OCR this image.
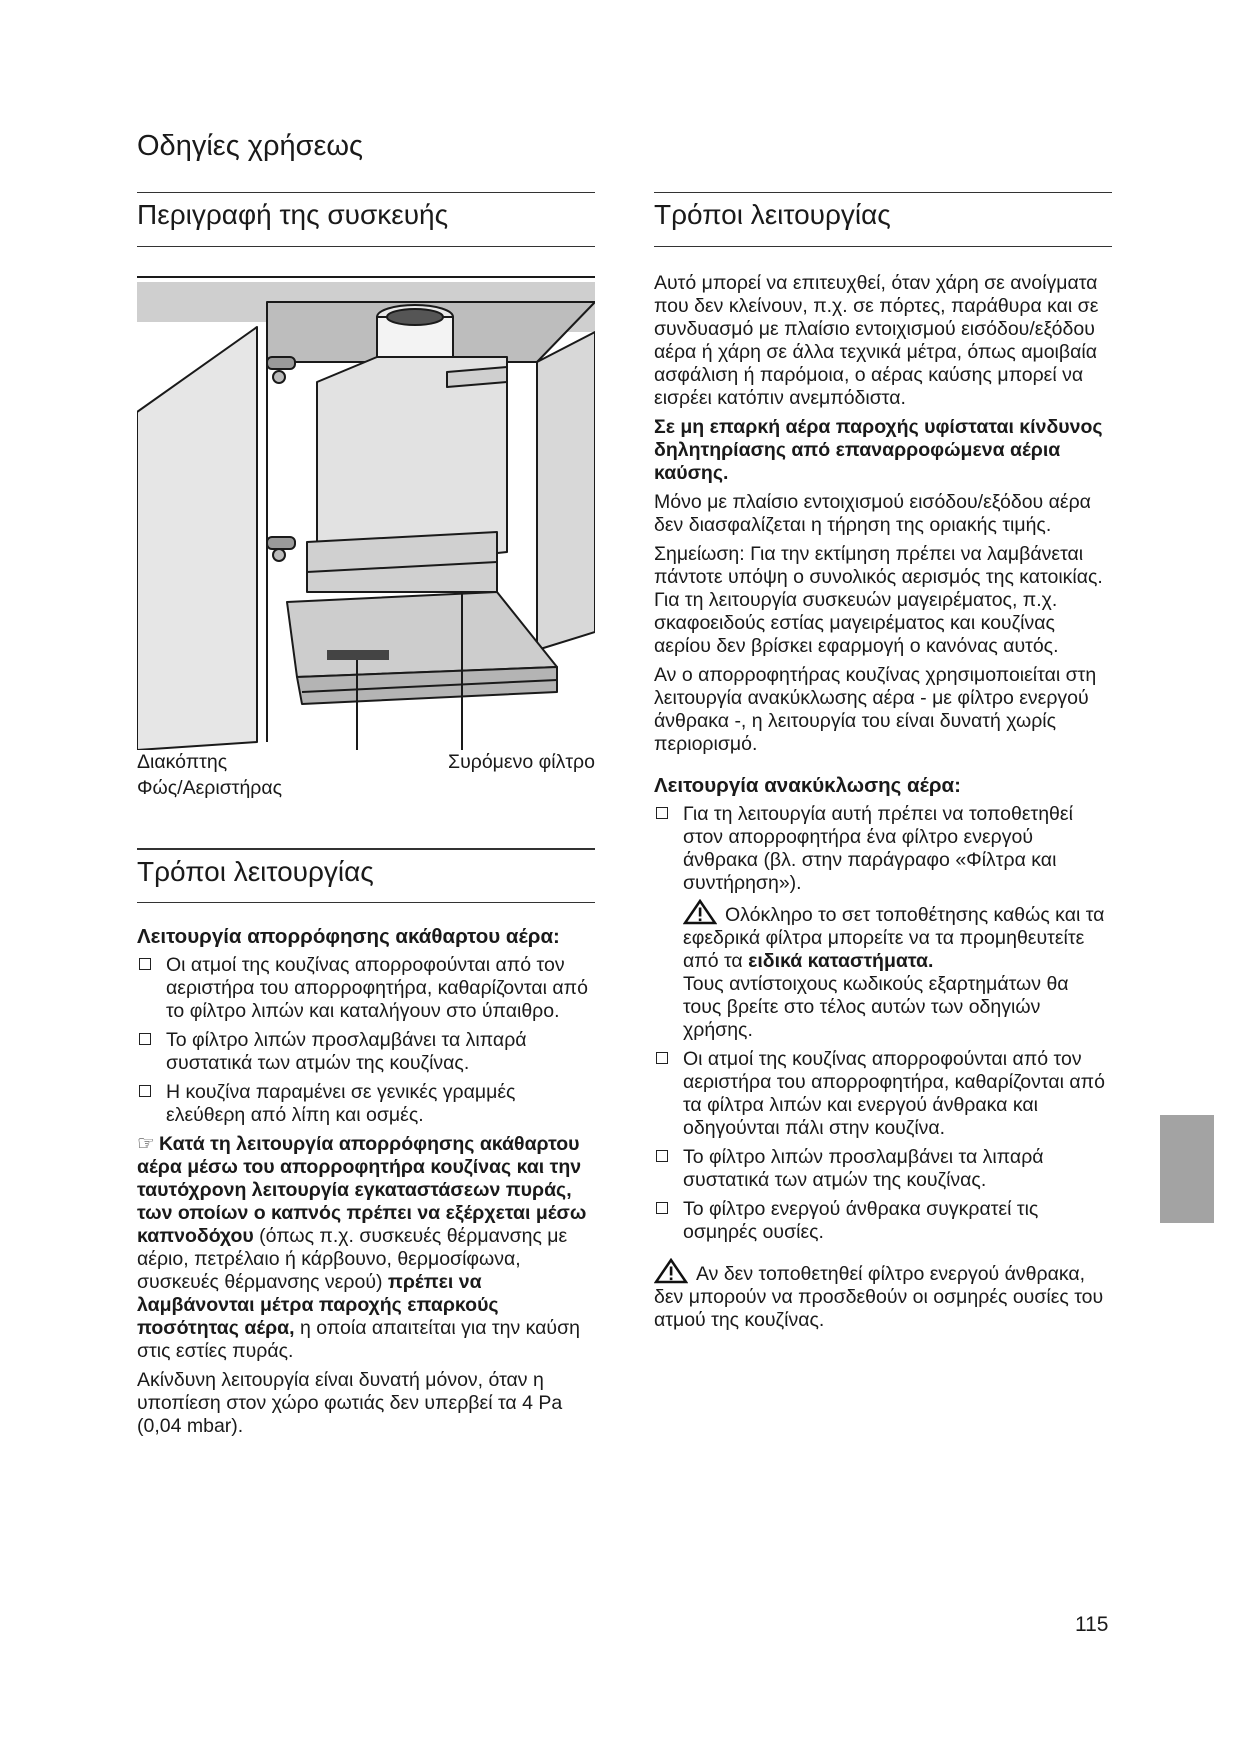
Οδηγίες χρήσεως
Περιγραφή της συσκευής
Διακόπτης
Φώς/Αεριστήρας
Συρόμενο φίλτρο
Τρόποι λειτουργίας

Λειτουργία απορρόφησης ακάθαρτου αέρα:

Οι ατμοί της κουζίνας απορροφούνται από τον αεριστήρα του απορροφητήρα, καθαρίζονται από το φίλτρο λιπών και καταλήγουν στο ύπαιθρο.
Το φίλτρο λιπών προσλαμβάνει τα λιπαρά συστατικά των ατμών της κουζίνας.
Η κουζίνα παραμένει σε γενικές γραμμές ελεύθερη από λίπη και οσμές.

☞ Κατά τη λειτουργία απορρόφησης ακάθαρτου αέρα μέσω του απορροφητήρα κουζίνας και την ταυτόχρονη λειτουργία εγκαταστάσεων πυράς, των οποίων ο καπνός πρέπει να εξέρχεται μέσω καπνοδόχου (όπως π.χ. συσκευές θέρμανσης με αέριο, πετρέλαιο ή κάρβουνο, θερμοσίφωνα, συσκευές θέρμανσης νερού) πρέπει να λαμβάνονται μέτρα παροχής επαρκούς ποσότητας αέρα, η οποία απαιτείται για την καύση στις εστίες πυράς.

Ακίνδυνη λειτουργία είναι δυνατή μόνον, όταν η υποπίεση στον χώρο φωτιάς δεν υπερβεί τα 4 Pa (0,04 mbar).

Τρόποι λειτουργίας

Αυτό μπορεί να επιτευχθεί, όταν χάρη σε ανοίγματα που δεν κλείνουν, π.χ. σε πόρτες, παράθυρα και σε συνδυασμό με πλαίσιο εντοιχισμού εισόδου/εξόδου αέρα ή χάρη σε άλλα τεχνικά μέτρα, όπως αμοιβαία ασφάλιση ή παρόμοια, ο αέρας καύσης μπορεί να εισρέει κατόπιν ανεμπόδιστα.

Σε μη επαρκή αέρα παροχής υφίσταται κίνδυνος δηλητηρίασης από επαναρροφώμενα αέρια καύσης.

Μόνο με πλαίσιο εντοιχισμού εισόδου/εξόδου αέρα δεν διασφαλίζεται η τήρηση της οριακής τιμής.

Σημείωση: Για την εκτίμηση πρέπει να λαμβάνεται πάντοτε υπόψη ο συνολικός αερισμός της κατοικίας. Για τη λειτουργία συσκευών μαγειρέματος, π.χ. σκαφοειδούς εστίας μαγειρέματος και κουζίνας αερίου δεν βρίσκει εφαρμογή ο κανόνας αυτός.

Αν ο απορροφητήρας κουζίνας χρησιμοποιείται στη λειτουργία ανακύκλωσης αέρα - με φίλτρο ενεργού άνθρακα -, η λειτουργία του είναι δυνατή χωρίς περιορισμό.

Λειτουργία ανακύκλωσης αέρα:

Για τη λειτουργία αυτή πρέπει να τοποθετηθεί στον απορροφητήρα ένα φίλτρο ενεργού άνθρακα (βλ. στην παράγραφο «Φίλτρα και συντήρηση»).
Ολόκληρο το σετ τοποθέτησης καθώς και τα εφεδρικά φίλτρα μπορείτε να τα προμηθευτείτε από τα ειδικά καταστήματα.
Τους αντίστοιχους κωδικούς εξαρτημάτων θα τους βρείτε στο τέλος αυτών των οδηγιών χρήσης.
Οι ατμοί της κουζίνας απορροφούνται από τον αεριστήρα του απορροφητήρα, καθαρίζονται από τα φίλτρα λιπών και ενεργού άνθρακα και οδηγούνται πάλι στην κουζίνα.
Το φίλτρο λιπών προσλαμβάνει τα λιπαρά συστατικά των ατμών της κουζίνας.
Το φίλτρο ενεργού άνθρακα συγκρατεί τις οσμηρές ουσίες.

Αν δεν τοποθετηθεί φίλτρο ενεργού άνθρακα, δεν μπορούν να προσδεθούν οι οσμηρές ουσίες του ατμού της κουζίνας.

115
